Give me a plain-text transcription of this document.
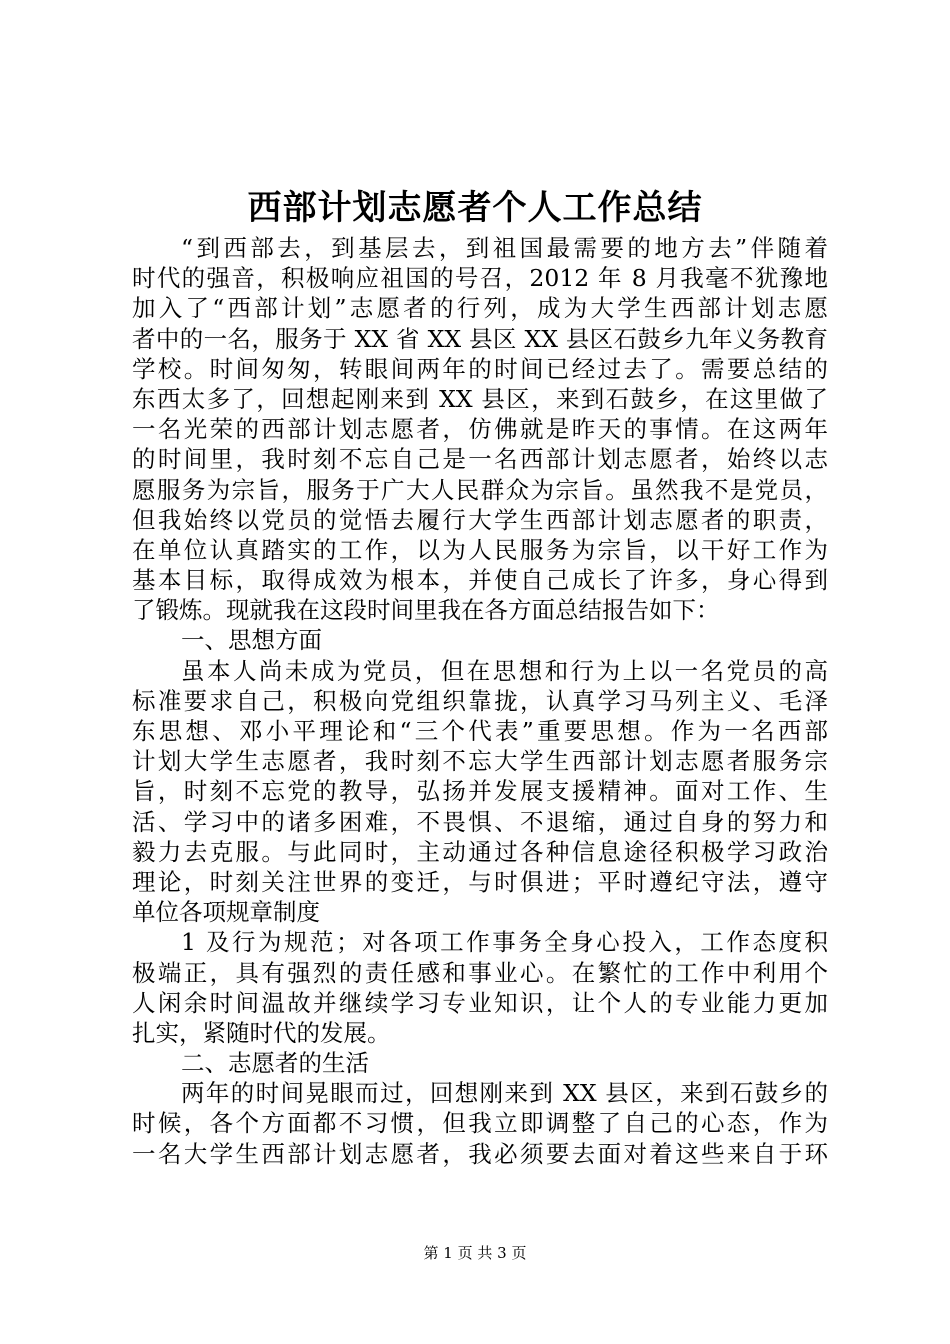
西部计划志愿者个人工作总结
“到西部去，到基层去，到祖国最需要的地方去”伴随着
时代的强音，积极响应祖国的号召，2012 年 8 月我毫不犹豫地
加入了“西部计划”志愿者的行列，成为大学生西部计划志愿
者中的一名，服务于 XX 省 XX 县区 XX 县区石鼓乡九年义务教育
学校。时间匆匆，转眼间两年的时间已经过去了。需要总结的
东西太多了，回想起刚来到 XX 县区，来到石鼓乡，在这里做了
一名光荣的西部计划志愿者，仿佛就是昨天的事情。在这两年
的时间里，我时刻不忘自己是一名西部计划志愿者，始终以志
愿服务为宗旨，服务于广大人民群众为宗旨。虽然我不是党员，
但我始终以党员的觉悟去履行大学生西部计划志愿者的职责，
在单位认真踏实的工作，以为人民服务为宗旨，以干好工作为
基本目标，取得成效为根本，并使自己成长了许多，身心得到
了锻炼。现就我在这段时间里我在各方面总结报告如下：
一、思想方面
虽本人尚未成为党员，但在思想和行为上以一名党员的高
标准要求自己，积极向党组织靠拢，认真学习马列主义、毛泽
东思想、邓小平理论和“三个代表”重要思想。作为一名西部
计划大学生志愿者，我时刻不忘大学生西部计划志愿者服务宗
旨，时刻不忘党的教导，弘扬并发展支援精神。面对工作、生
活、学习中的诸多困难，不畏惧、不退缩，通过自身的努力和
毅力去克服。与此同时，主动通过各种信息途径积极学习政治
理论，时刻关注世界的变迁，与时俱进；平时遵纪守法，遵守
单位各项规章制度
1 及行为规范；对各项工作事务全身心投入，工作态度积
极端正，具有强烈的责任感和事业心。在繁忙的工作中利用个
人闲余时间温故并继续学习专业知识，让个人的专业能力更加
扎实，紧随时代的发展。
二、志愿者的生活
两年的时间晃眼而过，回想刚来到 XX 县区，来到石鼓乡的
时候，各个方面都不习惯，但我立即调整了自己的心态，作为
一名大学生西部计划志愿者，我必须要去面对着这些来自于环
第 1 页 共 3 页
